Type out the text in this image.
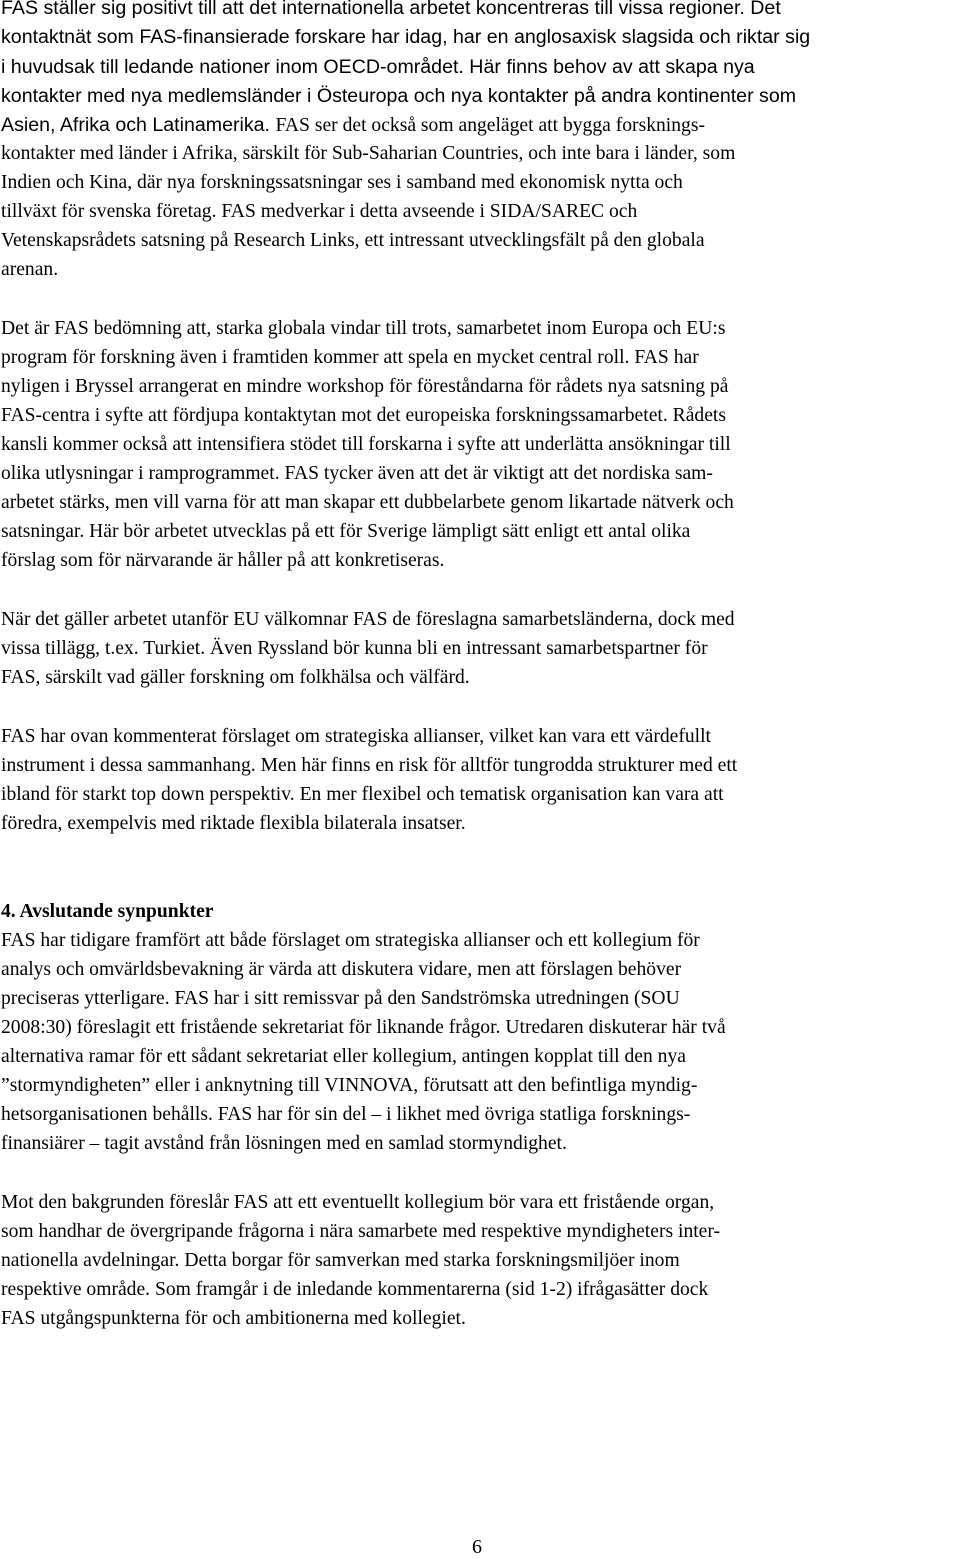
FAS ställer sig positivt till att det internationella arbetet koncentreras till vissa regioner. Det
kontaktnät som FAS-finansierade forskare har idag, har en anglosaxisk slagsida och riktar sig
i huvudsak till ledande nationer inom OECD-området. Här finns behov av att skapa nya
kontakter med nya medlemsländer i Östeuropa och nya kontakter på andra kontinenter som
Asien, Afrika och Latinamerika. FAS ser det också som angeläget att bygga forsknings-
kontakter med länder i Afrika, särskilt för Sub-Saharian Countries, och inte bara i länder, som
Indien och Kina, där nya forskningssatsningar ses i samband med ekonomisk nytta och
tillväxt för svenska företag. FAS medverkar i detta avseende i SIDA/SAREC och
Vetenskapsrådets satsning på Research Links, ett intressant utvecklingsfält på den globala
arenan.
Det är FAS bedömning att, starka globala vindar till trots, samarbetet inom Europa och EU:s
program för forskning även i framtiden kommer att spela en mycket central roll. FAS har
nyligen i Bryssel arrangerat en mindre workshop för föreståndarna för rådets nya satsning på
FAS-centra i syfte att fördjupa kontaktytan mot det europeiska forskningssamarbetet. Rådets
kansli kommer också att intensifiera stödet till forskarna i syfte att underlätta ansökningar till
olika utlysningar i ramprogrammet. FAS tycker även att det är viktigt att det nordiska sam-
arbetet stärks, men vill varna för att man skapar ett dubbelarbete genom likartade nätverk och
satsningar. Här bör arbetet utvecklas på ett för Sverige lämpligt sätt enligt ett antal olika
förslag som för närvarande är håller på att konkretiseras.
När det gäller arbetet utanför EU välkomnar FAS de föreslagna samarbetsländerna, dock med
vissa tillägg, t.ex. Turkiet. Även Ryssland bör kunna bli en intressant samarbetspartner för
FAS, särskilt vad gäller forskning om folkhälsa och välfärd.
FAS har ovan kommenterat förslaget om strategiska allianser, vilket kan vara ett värdefullt
instrument i dessa sammanhang. Men här finns en risk för alltför tungrodda strukturer med ett
ibland för starkt top down perspektiv. En mer flexibel och tematisk organisation kan vara att
föredra, exempelvis med riktade flexibla bilaterala insatser.
4. Avslutande synpunkter
FAS har tidigare framfört att både förslaget om strategiska allianser och ett kollegium för
analys och omvärldsbevakning är värda att diskutera vidare, men att förslagen behöver
preciseras ytterligare. FAS har i sitt remissvar på den Sandströmska utredningen (SOU
2008:30) föreslagit ett fristående sekretariat för liknande frågor. Utredaren diskuterar här två
alternativa ramar för ett sådant sekretariat eller kollegium, antingen kopplat till den nya
”stormyndigheten” eller i anknytning till VINNOVA, förutsatt att den befintliga myndig-
hetsorganisationen behålls. FAS har för sin del – i likhet med övriga statliga forsknings-
finansiärer – tagit avstånd från lösningen med en samlad stormyndighet.
Mot den bakgrunden föreslår FAS att ett eventuellt kollegium bör vara ett fristående organ,
som handhar de övergripande frågorna i nära samarbete med respektive myndigheters inter-
nationella avdelningar. Detta borgar för samverkan med starka forskningsmiljöer inom
respektive område. Som framgår i de inledande kommentarerna (sid 1-2) ifrågasätter dock
FAS utgångspunkterna för och ambitionerna med kollegiet.
6
